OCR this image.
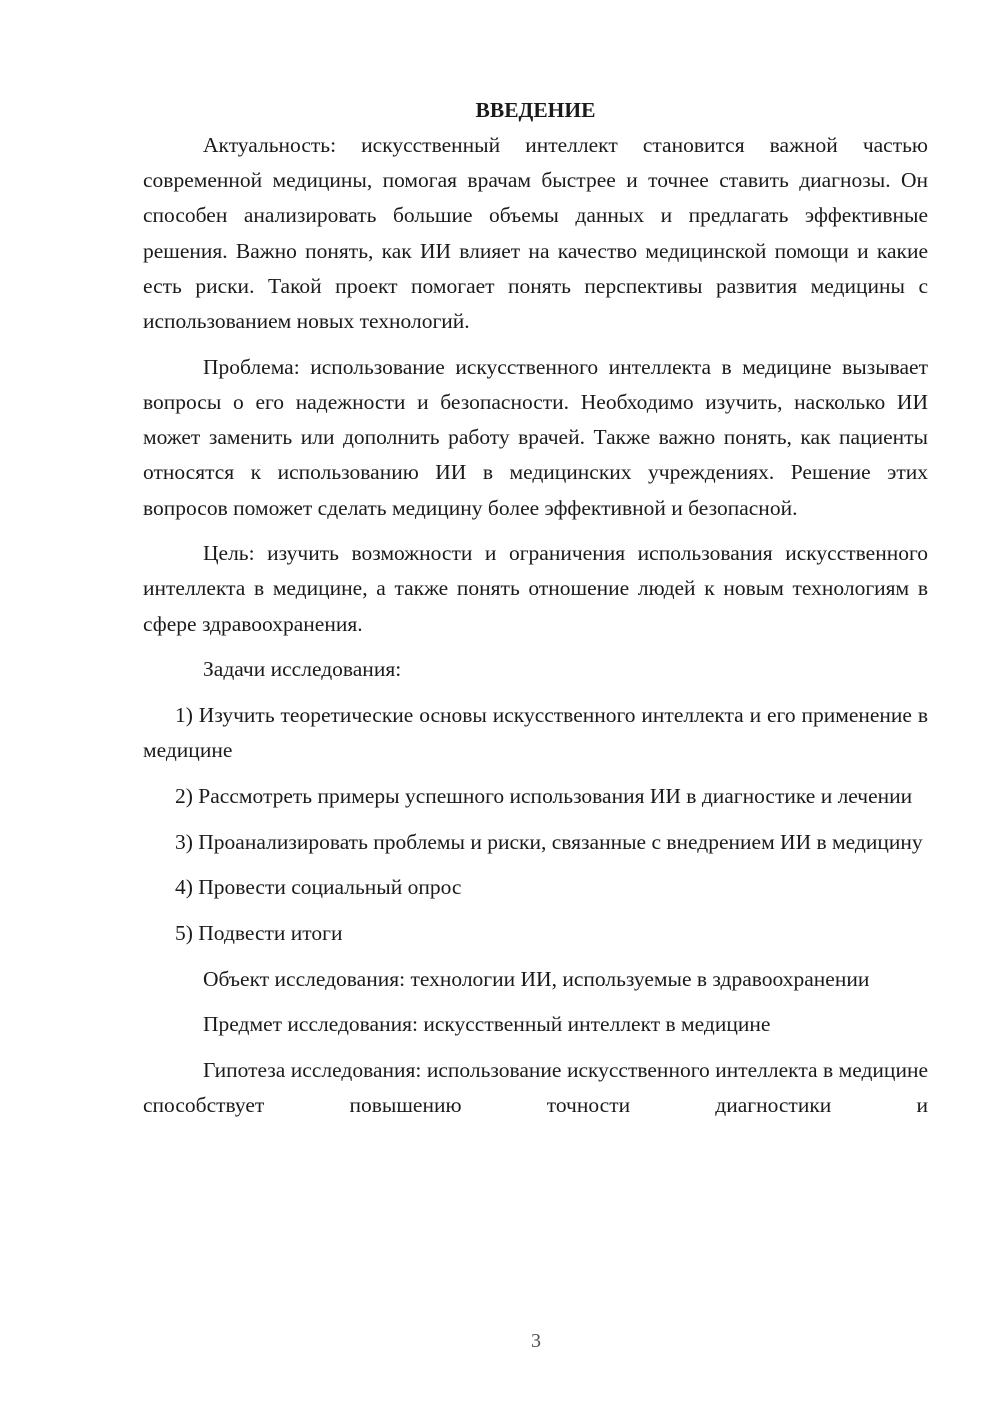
ВВЕДЕНИЕ

Актуальность: искусственный интеллект становится важной частью современной медицины, помогая врачам быстрее и точнее ставить диагнозы. Он способен анализировать большие объемы данных и предлагать эффективные решения. Важно понять, как ИИ влияет на качество медицинской помощи и какие есть риски. Такой проект помогает понять перспективы развития медицины с использованием новых технологий.

Проблема: использование искусственного интеллекта в медицине вызывает вопросы о его надежности и безопасности. Необходимо изучить, насколько ИИ может заменить или дополнить работу врачей. Также важно понять, как пациенты относятся к использованию ИИ в медицинских учреждениях. Решение этих вопросов поможет сделать медицину более эффективной и безопасной.

Цель: изучить возможности и ограничения использования искусственного интеллекта в медицине, а также понять отношение людей к новым технологиям в сфере здравоохранения.

Задачи исследования:

1) Изучить теоретические основы искусственного интеллекта и его применение в медицине

2) Рассмотреть примеры успешного использования ИИ в диагностике и лечении

3) Проанализировать проблемы и риски, связанные с внедрением ИИ в медицину

4) Провести социальный опрос

5) Подвести итоги

Объект исследования: технологии ИИ, используемые в здравоохранении

Предмет исследования: искусственный интеллект в медицине

Гипотеза исследования: использование искусственного интеллекта в медицине способствует повышению точности диагностики и

3
